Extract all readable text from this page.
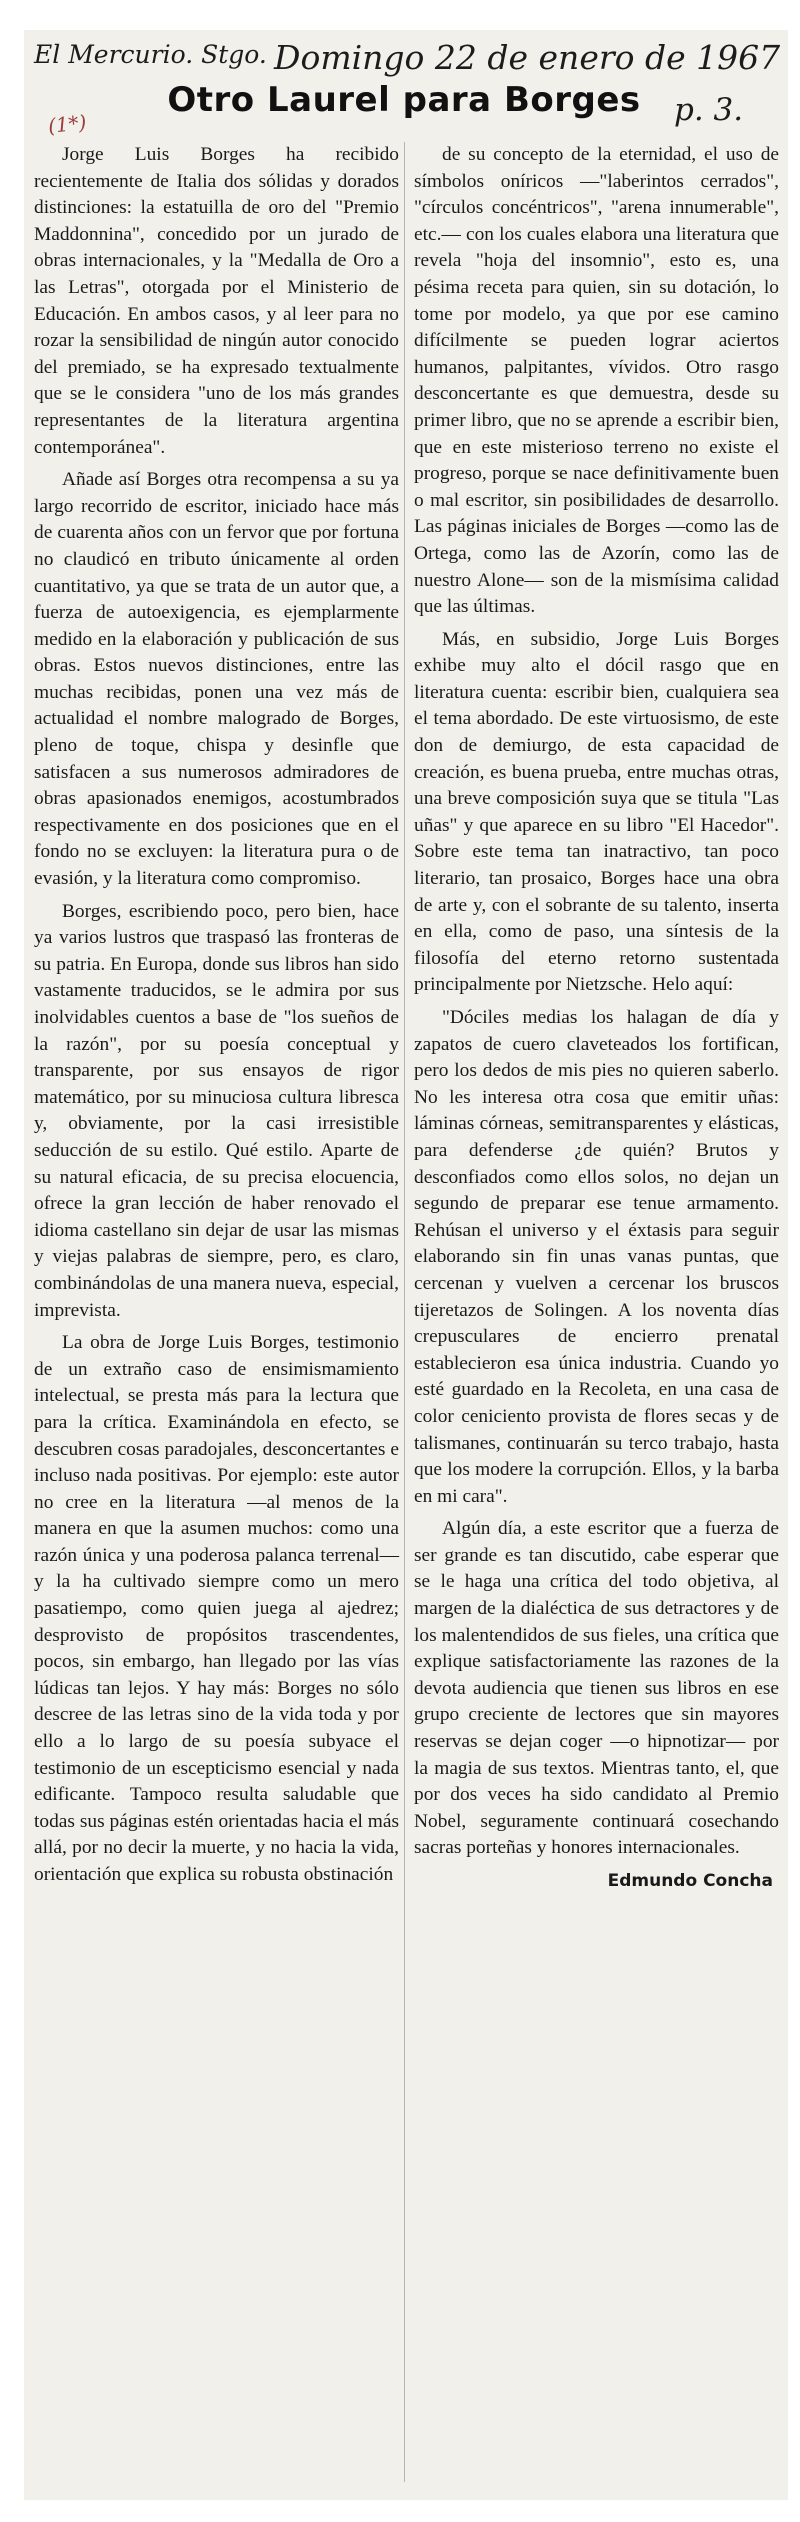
El Mercurio. Stgo. Domingo 22 de enero de 1967
p. 3.
(1*)
Otro Laurel para Borges

Jorge Luis Borges ha recibido recientemente de Italia dos sólidas y dorados distinciones: la estatuilla de oro del "Premio Maddonnina", concedido por un jurado de obras internacionales, y la "Medalla de Oro a las Letras", otorgada por el Ministerio de Educación. En ambos casos, y al leer para no rozar la sensibilidad de ningún autor conocido del premiado, se ha expresado textualmente que se le considera "uno de los más grandes representantes de la literatura argentina contemporánea".

Añade así Borges otra recompensa a su ya largo recorrido de escritor, iniciado hace más de cuarenta años con un fervor que por fortuna no claudicó en tributo únicamente al orden cuantitativo, ya que se trata de un autor que, a fuerza de autoexigencia, es ejemplarmente medido en la elaboración y publicación de sus obras. Estos nuevos distinciones, entre las muchas recibidas, ponen una vez más de actualidad el nombre malogrado de Borges, pleno de toque, chispa y desinfle que satisfacen a sus numerosos admiradores de obras apasionados enemigos, acostumbrados respectivamente en dos posiciones que en el fondo no se excluyen: la literatura pura o de evasión, y la literatura como compromiso.

Borges, escribiendo poco, pero bien, hace ya varios lustros que traspasó las fronteras de su patria. En Europa, donde sus libros han sido vastamente traducidos, se le admira por sus inolvidables cuentos a base de "los sueños de la razón", por su poesía conceptual y transparente, por sus ensayos de rigor matemático, por su minuciosa cultura libresca y, obviamente, por la casi irresistible seducción de su estilo. Qué estilo. Aparte de su natural eficacia, de su precisa elocuencia, ofrece la gran lección de haber renovado el idioma castellano sin dejar de usar las mismas y viejas palabras de siempre, pero, es claro, combinándolas de una manera nueva, especial, imprevista.

La obra de Jorge Luis Borges, testimonio de un extraño caso de ensimismamiento intelectual, se presta más para la lectura que para la crítica. Examinándola en efecto, se descubren cosas paradojales, desconcertantes e incluso nada positivas. Por ejemplo: este autor no cree en la literatura —al menos de la manera en que la asumen muchos: como una razón única y una poderosa palanca terrenal— y la ha cultivado siempre como un mero pasatiempo, como quien juega al ajedrez; desprovisto de propósitos trascendentes, pocos, sin embargo, han llegado por las vías lúdicas tan lejos. Y hay más: Borges no sólo descree de las letras sino de la vida toda y por ello a lo largo de su poesía subyace el testimonio de un escepticismo esencial y nada edificante. Tampoco resulta saludable que todas sus páginas estén orientadas hacia el más allá, por no decir la muerte, y no hacia la vida, orientación que explica su robusta obstinación

de su concepto de la eternidad, el uso de símbolos oníricos —"laberintos cerrados", "círculos concéntricos", "arena innumerable", etc.— con los cuales elabora una literatura que revela "hoja del insomnio", esto es, una pésima receta para quien, sin su dotación, lo tome por modelo, ya que por ese camino difícilmente se pueden lograr aciertos humanos, palpitantes, vívidos. Otro rasgo desconcertante es que demuestra, desde su primer libro, que no se aprende a escribir bien, que en este misterioso terreno no existe el progreso, porque se nace definitivamente buen o mal escritor, sin posibilidades de desarrollo. Las páginas iniciales de Borges —como las de Ortega, como las de Azorín, como las de nuestro Alone— son de la mismísima calidad que las últimas.

Más, en subsidio, Jorge Luis Borges exhibe muy alto el dócil rasgo que en literatura cuenta: escribir bien, cualquiera sea el tema abordado. De este virtuosismo, de este don de demiurgo, de esta capacidad de creación, es buena prueba, entre muchas otras, una breve composición suya que se titula "Las uñas" y que aparece en su libro "El Hacedor". Sobre este tema tan inatractivo, tan poco literario, tan prosaico, Borges hace una obra de arte y, con el sobrante de su talento, inserta en ella, como de paso, una síntesis de la filosofía del eterno retorno sustentada principalmente por Nietzsche. Helo aquí:

"Dóciles medias los halagan de día y zapatos de cuero claveteados los fortifican, pero los dedos de mis pies no quieren saberlo. No les interesa otra cosa que emitir uñas: láminas córneas, semitransparentes y elásticas, para defenderse ¿de quién? Brutos y desconfiados como ellos solos, no dejan un segundo de preparar ese tenue armamento. Rehúsan el universo y el éxtasis para seguir elaborando sin fin unas vanas puntas, que cercenan y vuelven a cercenar los bruscos tijeretazos de Solingen. A los noventa días crepusculares de encierro prenatal establecieron esa única industria. Cuando yo esté guardado en la Recoleta, en una casa de color ceniciento provista de flores secas y de talismanes, continuarán su terco trabajo, hasta que los modere la corrupción. Ellos, y la barba en mi cara".

Algún día, a este escritor que a fuerza de ser grande es tan discutido, cabe esperar que se le haga una crítica del todo objetiva, al margen de la dialéctica de sus detractores y de los malentendidos de sus fieles, una crítica que explique satisfactoriamente las razones de la devota audiencia que tienen sus libros en ese grupo creciente de lectores que sin mayores reservas se dejan coger —o hipnotizar— por la magia de sus textos. Mientras tanto, el, que por dos veces ha sido candidato al Premio Nobel, seguramente continuará cosechando sacras porteñas y honores internacionales.

Edmundo Concha
